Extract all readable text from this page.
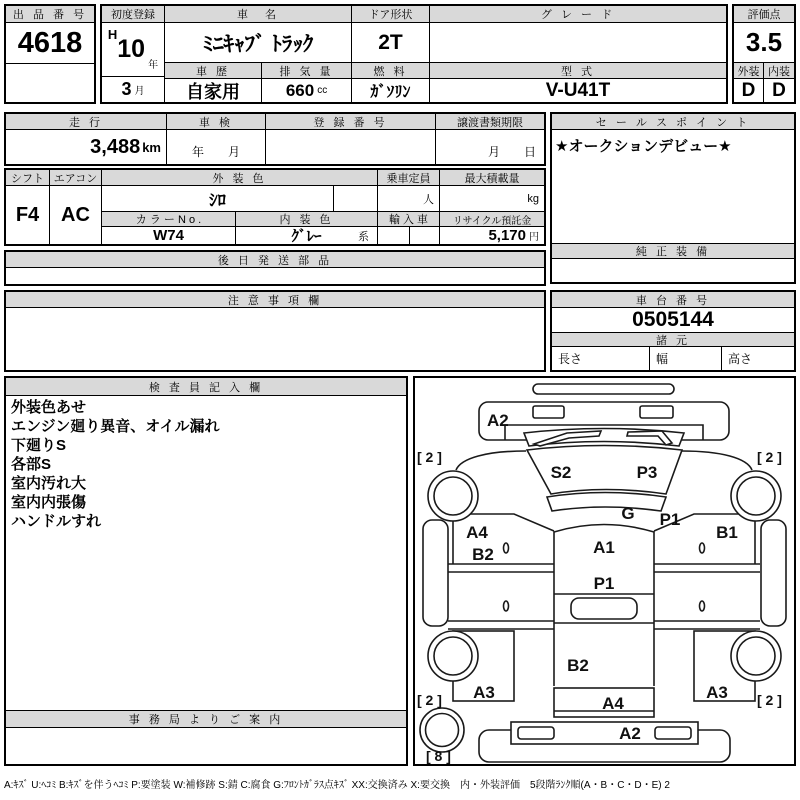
出 品 番 号
4618
初度登録
H
10
年
3 月
車　名
ﾐﾆｷｬﾌﾞ ﾄﾗｯｸ
車 歴
自家用
排 気 量
660 cc
ドア形状
2T
燃 料
ｶﾞｿﾘﾝ
グ レ ー ド
型 式
V-U41T
評価点
3.5
外装 内装
D D
走 行
3,488 km
車 検
年　　月
登 録 番 号	譲渡書類期限
月　　日
セ ー ル ス ポ イ ン ト
★オークションデビュー★
純 正 装 備
シフト
F4
エアコン
AC
外 装 色
ｼﾛ
乗車定員
人
最大積載量
kg
カ ラ ー N o .
W74
内 装 色
ｸﾞﾚｰ	系
輸 入 車	リサイクル預託金
5,170 円
後 日 発 送 部 品
注 意 事 項 欄	車 台 番 号
0505144
諸 元
長さ	幅	高さ
検 査 員 記 入 欄
外装色あせ
エンジン廻り異音、オイル漏れ
下廻りS
各部S
室内汚れ大
室内内張傷
ハンドルすれ
事 務 局 よ り ご 案 内
A2
S2	P3
G P1
A1
P1
B2
A4
A2
A4
B2
B1
A3	A3
[ 2 ]	[ 2 ]
[ 2 ]	[ 2 ]
[ 8 ]
A:ｷｽﾞ U:ﾍｺﾐ B:ｷｽﾞを伴うﾍｺﾐ P:要塗装 W:補修跡 S:錆 C:腐食 G:ﾌﾛﾝﾄｶﾞﾗｽ点ｷｽﾞ XX:交換済み X:要交換　内・外装評価　5段階ﾗﾝｸ順(A・B・C・D・E) 2
